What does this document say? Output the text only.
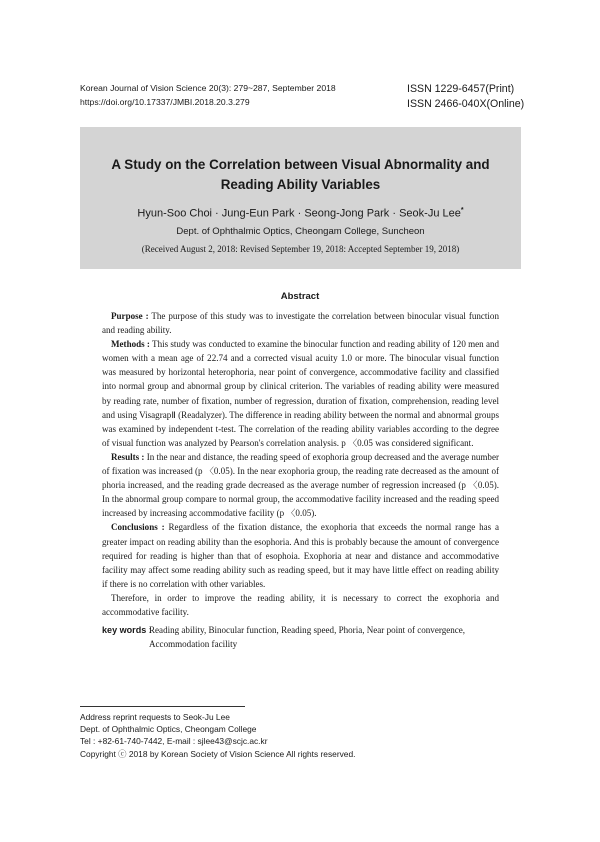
Korean Journal of Vision Science 20(3): 279~287, September 2018
https://doi.org/10.17337/JMBI.2018.20.3.279
ISSN 1229-6457(Print)
ISSN 2466-040X(Online)
A Study on the Correlation between Visual Abnormality and
Reading Ability Variables
Hyun-Soo Choi · Jung-Eun Park · Seong-Jong Park · Seok-Ju Lee*
Dept. of Ophthalmic Optics, Cheongam College, Suncheon
(Received August 2, 2018: Revised September 19, 2018: Accepted September 19, 2018)
Abstract

Purpose : The purpose of this study was to investigate the correlation between binocular visual function and reading ability.

Methods : This study was conducted to examine the binocular function and reading ability of 120 men and women with a mean age of 22.74 and a corrected visual acuity 1.0 or more. The binocular visual function was measured by horizontal heterophoria, near point of convergence, accommodative facility and classified into normal group and abnormal group by clinical criterion. The variables of reading ability were measured by reading rate, number of fixation, number of regression, duration of fixation, comprehension, reading level and using VisagrapⅡ (Readalyzer). The difference in reading ability between the normal and abnormal groups was examined by independent t-test. The correlation of the reading ability variables according to the degree of visual function was analyzed by Pearson's correlation analysis. p 〈0.05 was considered significant.

Results : In the near and distance, the reading speed of exophoria group decreased and the average number of fixation was increased (p 〈0.05). In the near exophoria group, the reading rate decreased as the amount of phoria increased, and the reading grade decreased as the average number of regression increased (p 〈0.05). In the abnormal group compare to normal group, the accommodative facility increased and the reading speed increased by increasing accommodative facility (p 〈0.05).

Conclusions : Regardless of the fixation distance, the exophoria that exceeds the normal range has a greater impact on reading ability than the esophoria. And this is probably because the amount of convergence required for reading is higher than that of esophoia. Exophoria at near and distance and accommodative facility may affect some reading ability such as reading speed, but it may have little effect on reading ability if there is no correlation with other variables.

Therefore, in order to improve the reading ability, it is necessary to correct the exophoria and accommodative facility.

key words :
Reading ability, Binocular function, Reading speed, Phoria, Near point of convergence, Accommodation facility
Address reprint requests to Seok-Ju Lee
Dept. of Ophthalmic Optics, Cheongam College
Tel : +82-61-740-7442, E-mail : sjlee43@scjc.ac.kr
Copyright ⓒ 2018 by Korean Society of Vision Science All rights reserved.
